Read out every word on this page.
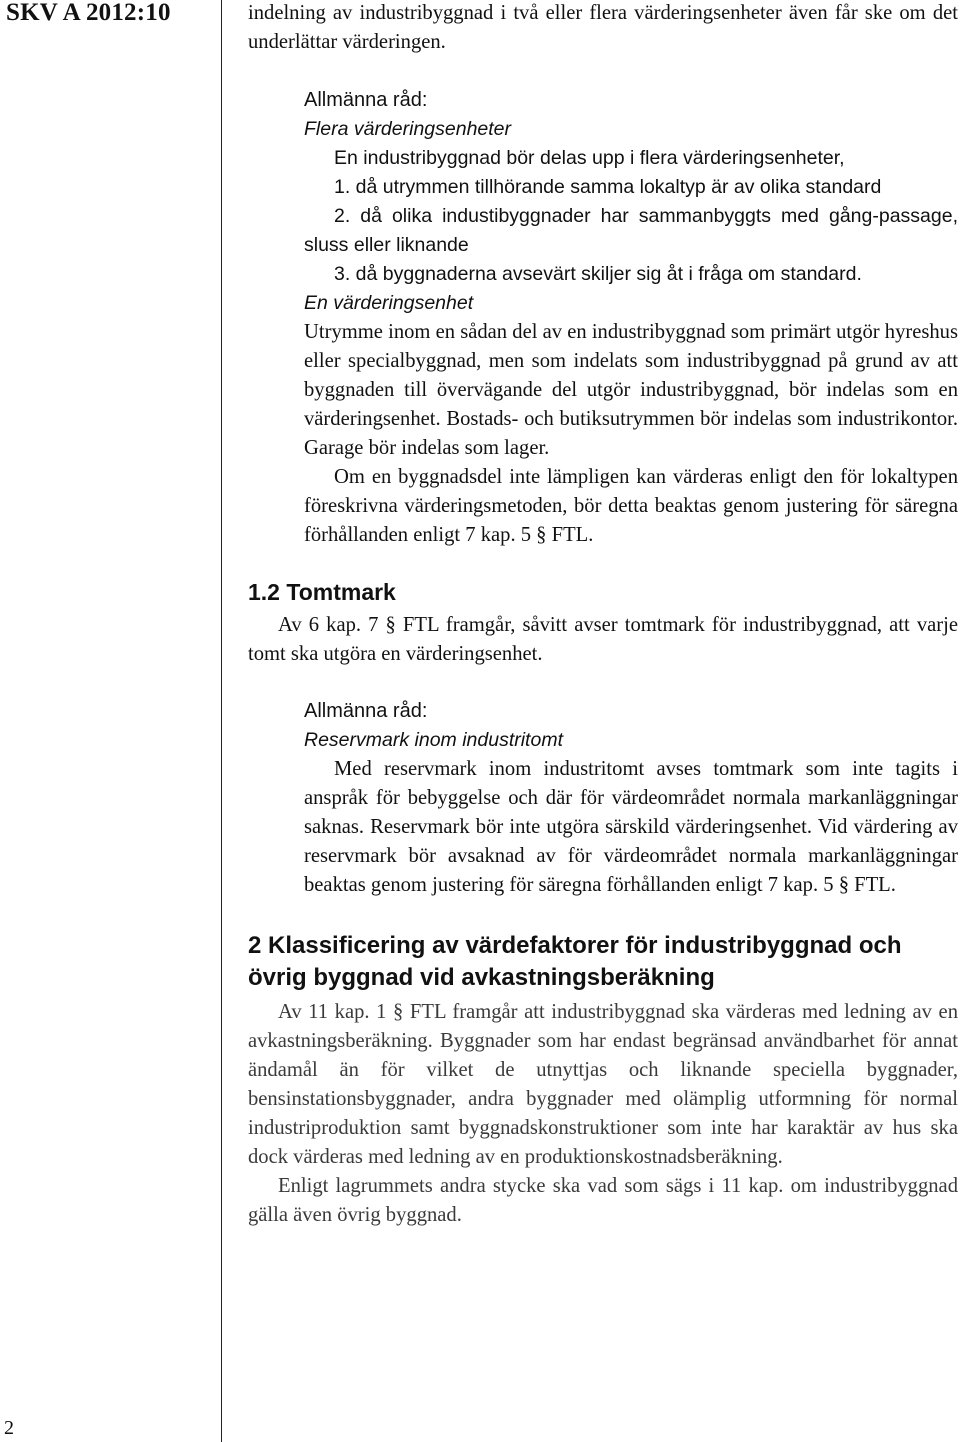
SKV A 2012:10
2

indelning av industribyggnad i två eller flera värderingsenheter även får ske om det underlättar värderingen.

Allmänna råd:
Flera värderingsenheter

En industribyggnad bör delas upp i flera värderingsenheter,

1. då utrymmen tillhörande samma lokaltyp är av olika standard

2. då olika industibyggnader har sammanbyggts med gång-passage, sluss eller liknande

3. då byggnaderna avsevärt skiljer sig åt i fråga om standard.

En värderingsenhet

Utrymme inom en sådan del av en industribyggnad som primärt utgör hyreshus eller specialbyggnad, men som indelats som industribyggnad på grund av att byggnaden till övervägande del utgör industribyggnad, bör indelas som en värderingsenhet. Bostads- och butiksutrymmen bör indelas som industrikontor. Garage bör indelas som lager.

Om en byggnadsdel inte lämpligen kan värderas enligt den för lokaltypen föreskrivna värderingsmetoden, bör detta beaktas genom justering för säregna förhållanden enligt 7 kap. 5 § FTL.

1.2 Tomtmark

Av 6 kap. 7 § FTL framgår, såvitt avser tomtmark för industribyggnad, att varje tomt ska utgöra en värderingsenhet.

Allmänna råd:
Reservmark inom industritomt

Med reservmark inom industritomt avses tomtmark som inte tagits i anspråk för bebyggelse och där för värdeområdet normala markanläggningar saknas. Reservmark bör inte utgöra särskild värderingsenhet. Vid värdering av reservmark bör avsaknad av för värdeområdet normala markanläggningar beaktas genom justering för säregna förhållanden enligt 7 kap. 5 § FTL.

2 Klassificering av värdefaktorer för industribyggnad och övrig byggnad vid avkastningsberäkning

Av 11 kap. 1 § FTL framgår att industribyggnad ska värderas med ledning av en avkastningsberäkning. Byggnader som har endast begränsad användbarhet för annat ändamål än för vilket de utnyttjas och liknande speciella byggnader, bensinstationsbyggnader, andra byggnader med olämplig utformning för normal industriproduktion samt byggnadskonstruktioner som inte har karaktär av hus ska dock värderas med ledning av en produktionskostnadsberäkning.

Enligt lagrummets andra stycke ska vad som sägs i 11 kap. om industribyggnad gälla även övrig byggnad.
